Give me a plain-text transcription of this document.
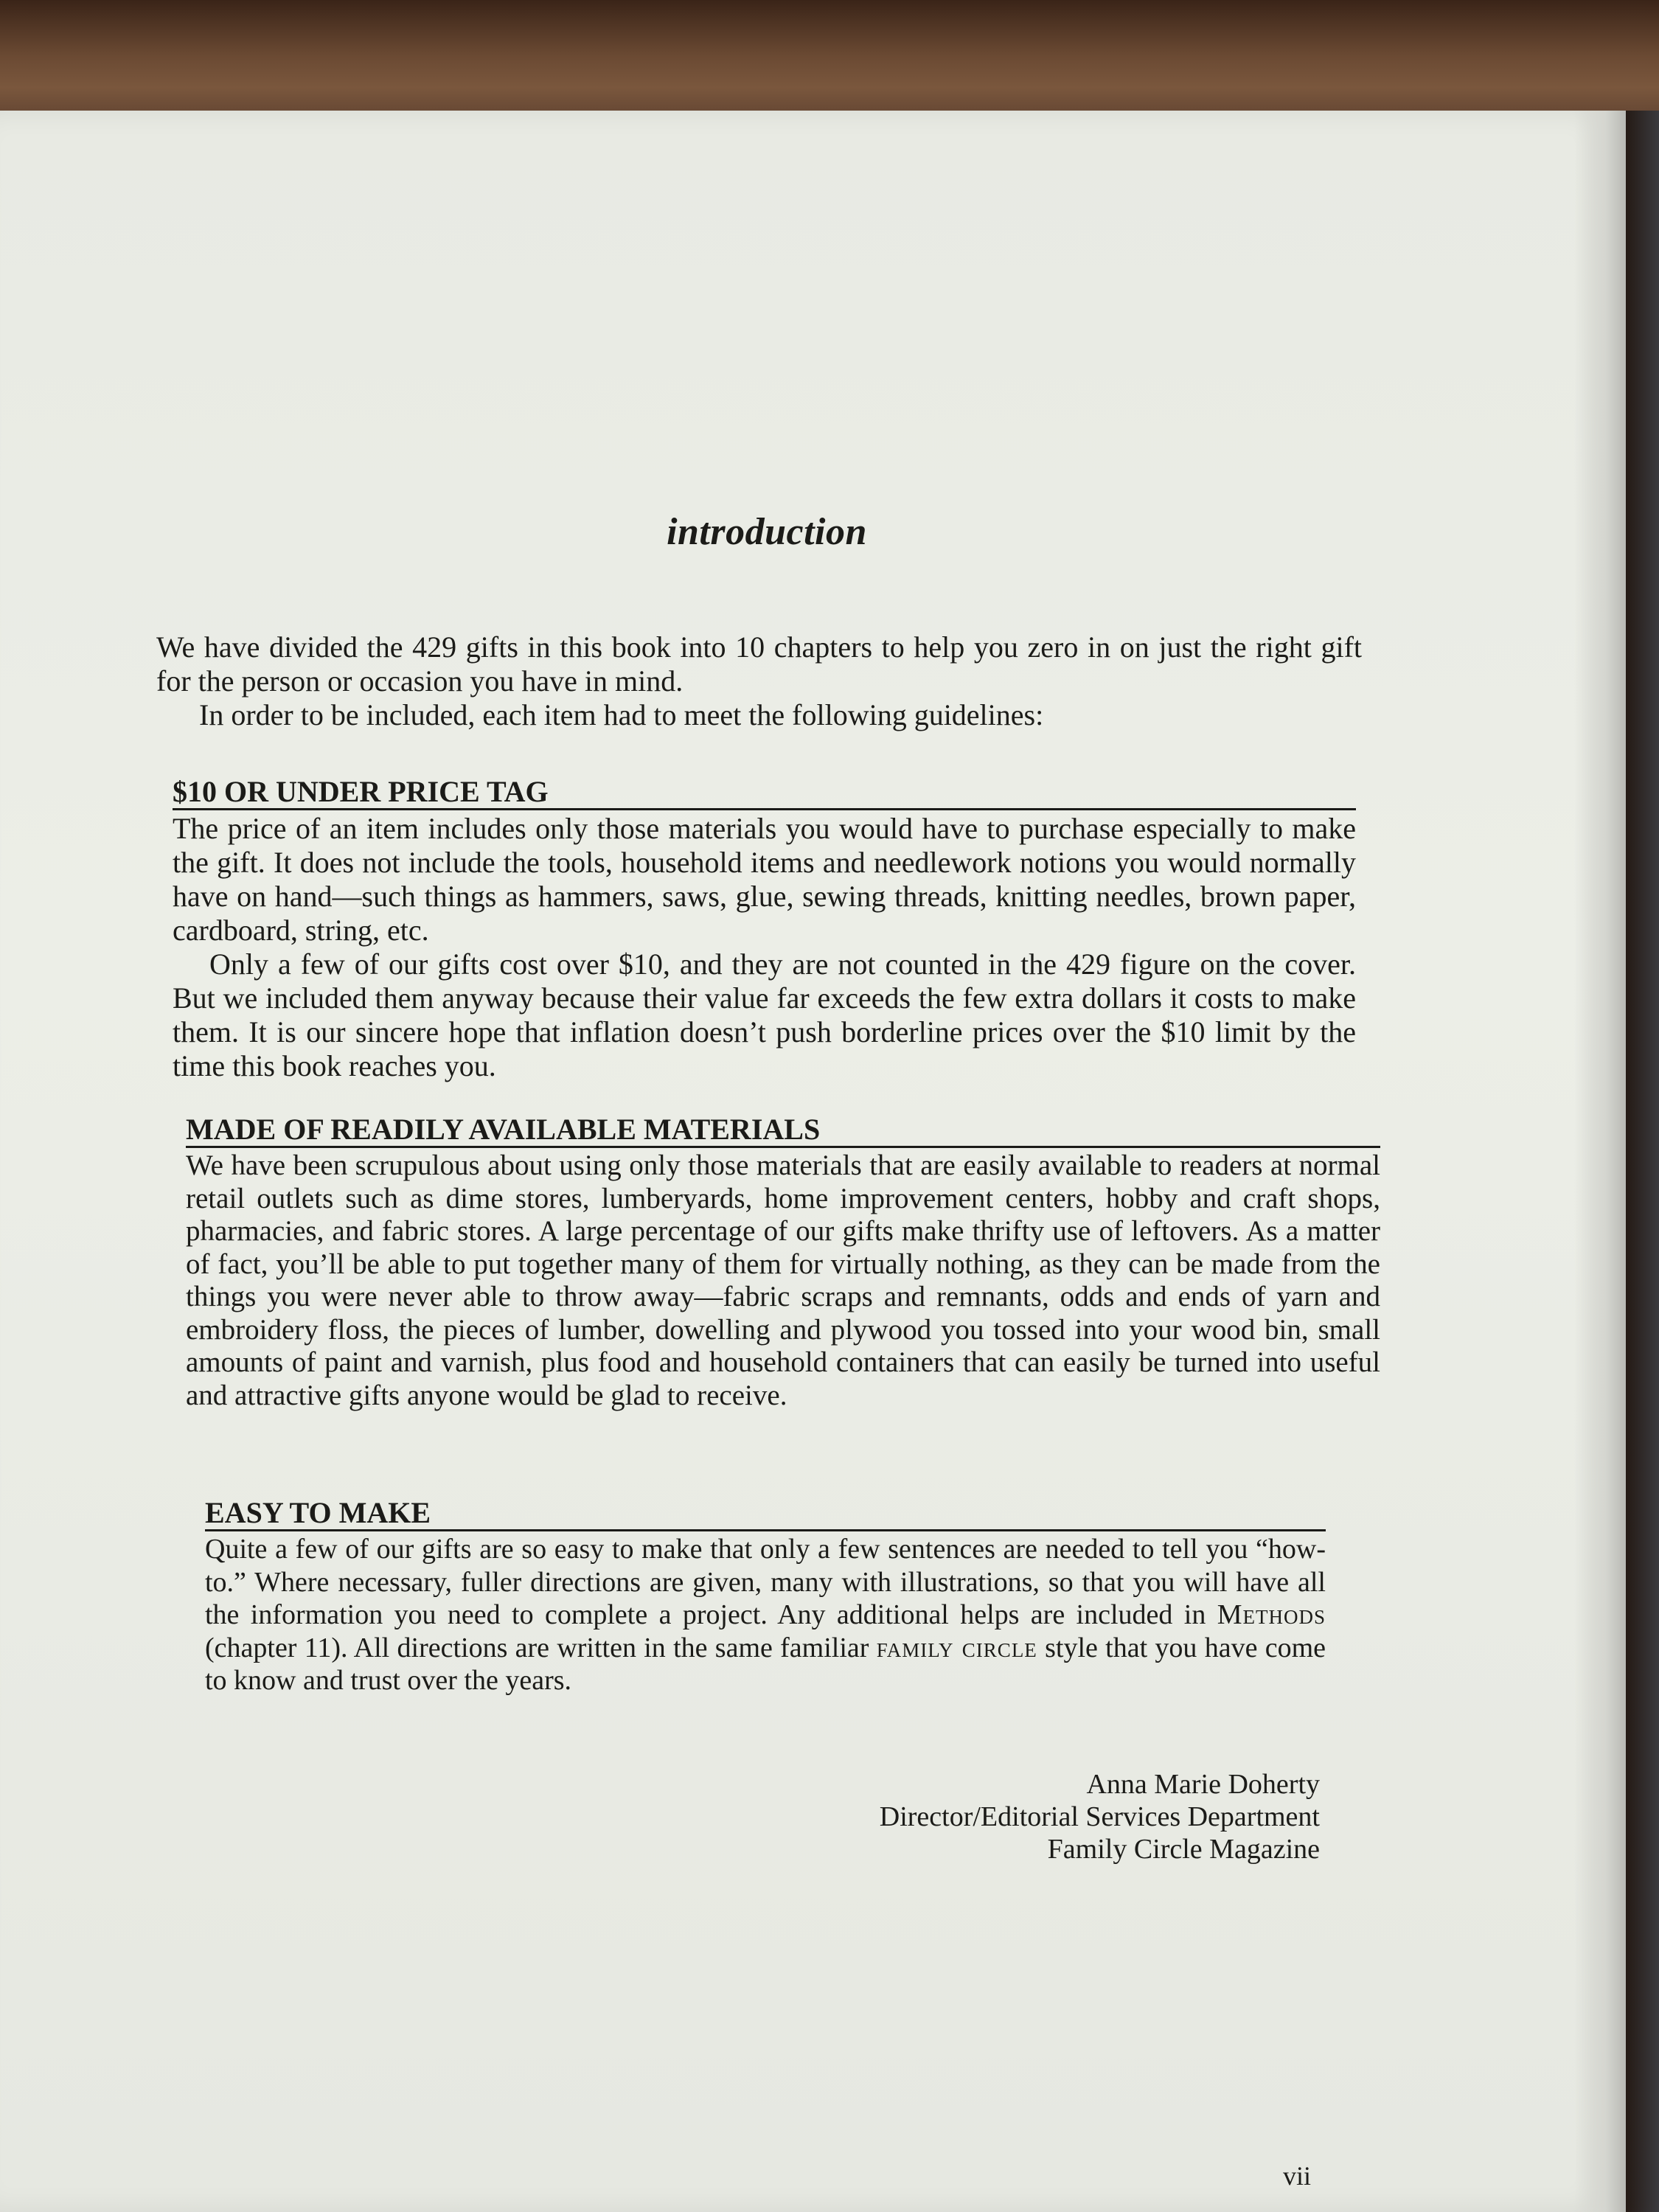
introduction

We have divided the 429 gifts in this book into 10 chapters to help you zero in on just the right gift for the person or occasion you have in mind.

In order to be included, each item had to meet the following guidelines:

$10 OR UNDER PRICE TAG

The price of an item includes only those materials you would have to purchase especially to make the gift. It does not include the tools, household items and needlework notions you would normally have on hand—such things as hammers, saws, glue, sewing threads, knitting needles, brown paper, cardboard, string, etc.

Only a few of our gifts cost over $10, and they are not counted in the 429 figure on the cover. But we included them anyway because their value far exceeds the few extra dollars it costs to make them. It is our sincere hope that inflation doesn’t push borderline prices over the $10 limit by the time this book reaches you.

MADE OF READILY AVAILABLE MATERIALS

We have been scrupulous about using only those materials that are easily available to readers at normal retail outlets such as dime stores, lumberyards, home improvement centers, hobby and craft shops, pharmacies, and fabric stores. A large percentage of our gifts make thrifty use of leftovers. As a matter of fact, you’ll be able to put together many of them for virtually nothing, as they can be made from the things you were never able to throw away—fabric scraps and remnants, odds and ends of yarn and embroidery floss, the pieces of lumber, dowelling and plywood you tossed into your wood bin, small amounts of paint and varnish, plus food and household containers that can easily be turned into useful and attractive gifts anyone would be glad to receive.

EASY TO MAKE

Quite a few of our gifts are so easy to make that only a few sentences are needed to tell you “how-to.” Where necessary, fuller directions are given, many with illustrations, so that you will have all the information you need to complete a project. Any additional helps are included in Methods (chapter 11). All directions are written in the same familiar family circle style that you have come to know and trust over the years.

Anna Marie Doherty
Director/Editorial Services Department
Family Circle Magazine
vii
